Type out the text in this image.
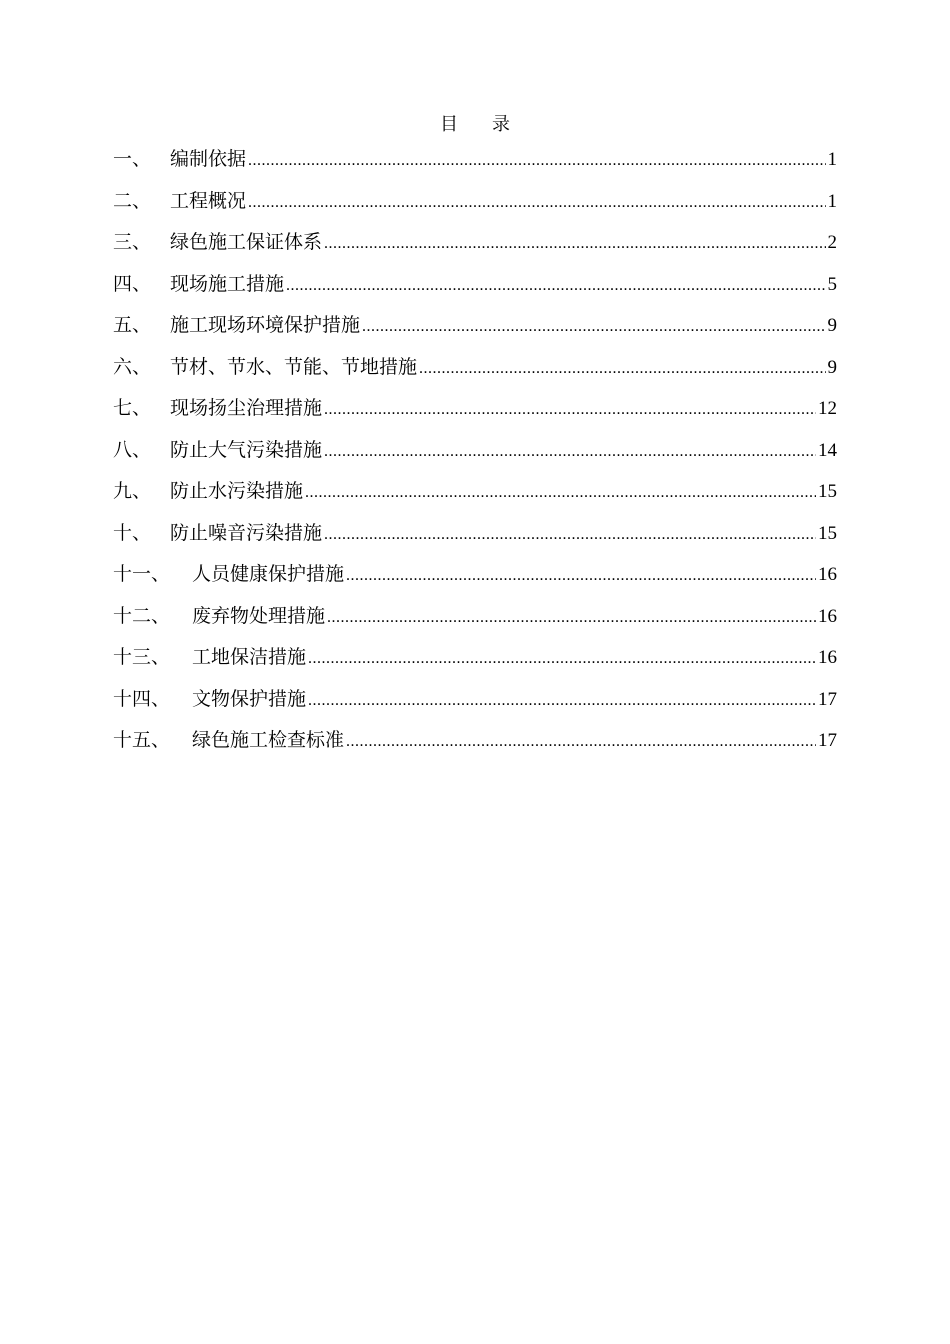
目 录
一、 编制依据 .....	1
二、 工程概况 .....	1
三、 绿色施工保证体系 .....	2
四、 现场施工措施 .....	5
五、 施工现场环境保护措施 .....	9
六、 节材、节水、节能、节地措施 .....	9
七、 现场扬尘治理措施 .....	12
八、 防止大气污染措施 .....	14
九、 防止水污染措施 .....	15
十、 防止噪音污染措施 .....	15
十一、	人员健康保护措施 .....	16
十二、	废弃物处理措施 .....	16
十三、	工地保洁措施 .....	16
十四、	文物保护措施 .....	17
十五、	绿色施工检查标准 .....	17
